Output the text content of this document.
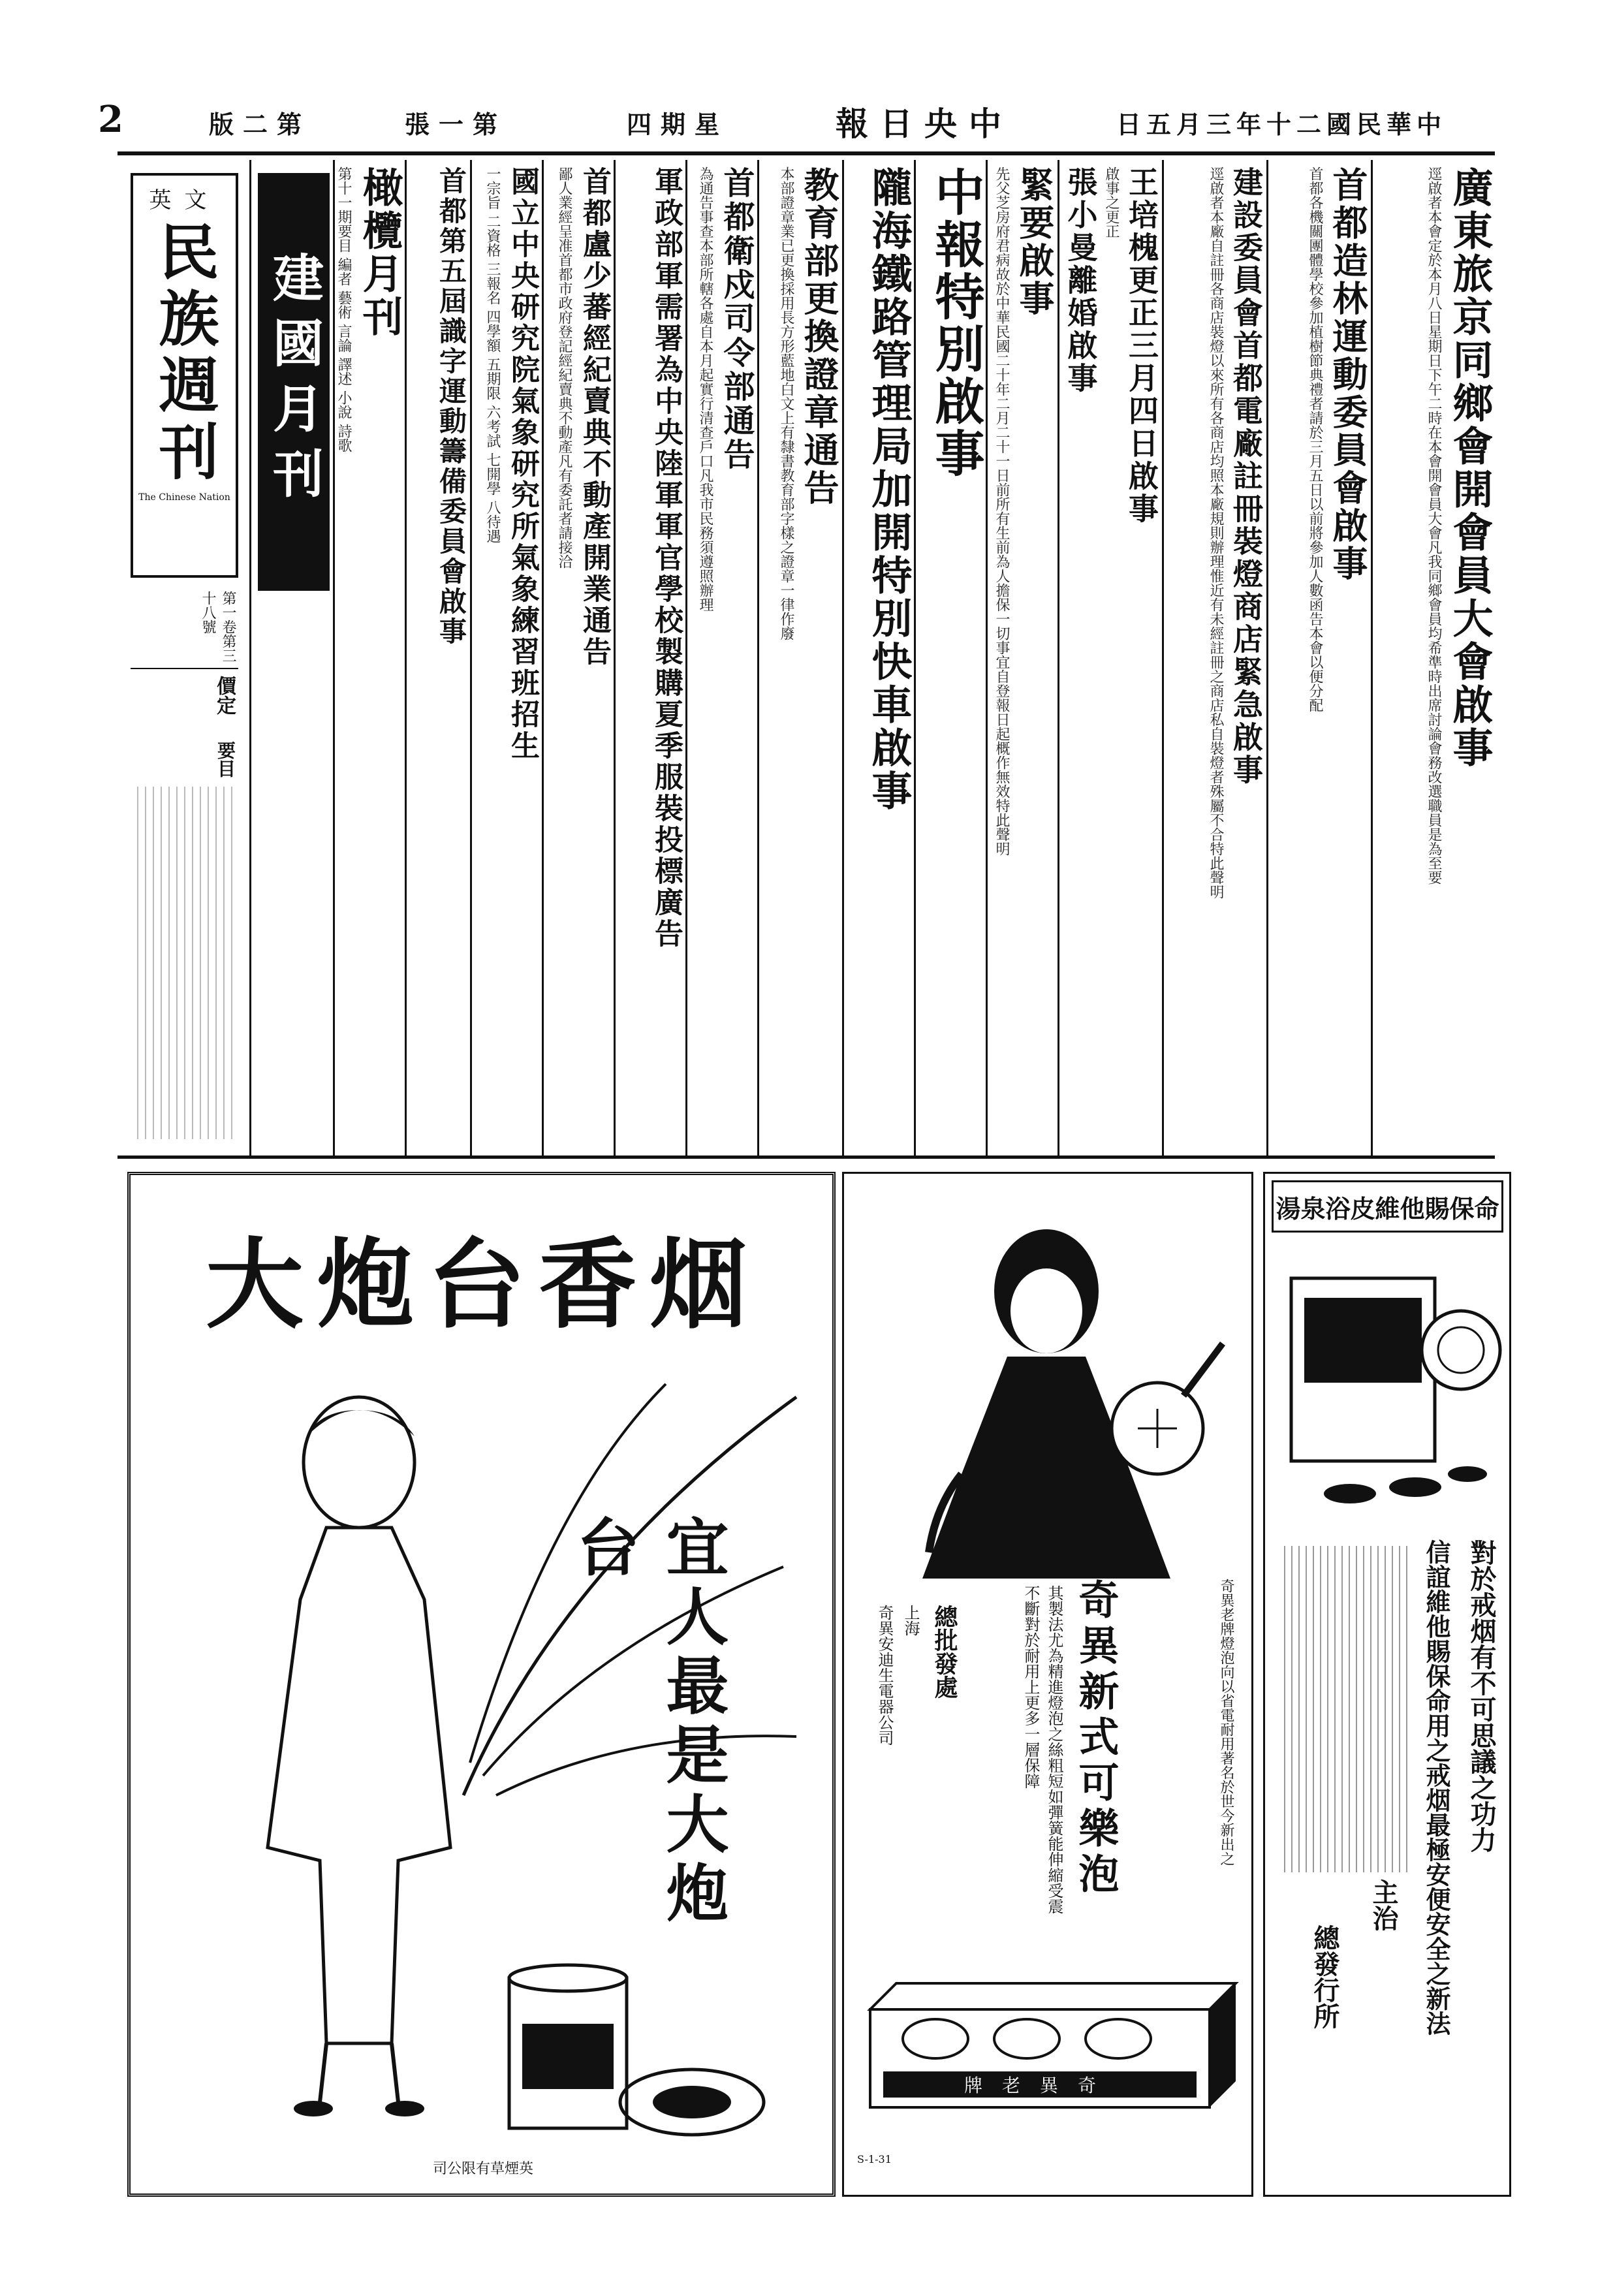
2	版二第	張一第	四期星	報日央中	日五月三年十二國民華中
廣東旅京同鄉會開會員大會啟事
逕啟者本會定於本月八日星期日下午二時在本會開會員大會凡我同鄉會員均希準時出席討論會務改選職員是為至要
首都造林運動委員會啟事
首都各機關團體學校參加植樹節典禮者請於三月五日以前將參加人數函告本會以便分配
建設委員會首都電廠註冊裝燈商店緊急啟事
逕啟者本廠自註冊各商店裝燈以來所有各商店均照本廠規則辦理惟近有未經註冊之商店私自裝燈者殊屬不合特此聲明
王培槐更正三月四日啟事
啟事之更正
張小曼離婚啟事
緊要啟事
先父芝房府君病故於中華民國二十年二月二十一日前所有生前為人擔保一切事宜自登報日起概作無效特此聲明
中報特別啟事
隴海鐵路管理局加開特別快車啟事
教育部更換證章通告
本部證章業已更換採用長方形藍地白文上有隸書教育部字樣之證章一律作廢
首都衛戍司令部通告
為通告事查本部所轄各處自本月起實行清查戶口凡我市民務須遵照辦理
軍政部軍需署為中央陸軍軍官學校製購夏季服裝投標廣告
首都盧少蕃經紀賣典不動產開業通告
鄙人業經呈准首都市政府登記經紀賣典不動產凡有委託者請接洽
國立中央研究院氣象研究所氣象練習班招生
一宗旨 二資格 三報名 四學額 五期限 六考試 七開學 八待遇
首都第五屆識字運動籌備委員會啟事
橄欖月刊
第十一期要目 編者 藝術 言論 譯述 小說 詩歌
建國月刊
英文
民族週刊
The Chinese Nation
第一卷第三十八號
價定
要目
大炮台香烟
宜人最是大炮台
司公限有草煙英
奇異老牌燈泡向以省電耐用著名於世今新出之
奇異新式可樂泡
其製法尤為精進燈泡之絲粗短如彈簧能伸縮受震不斷對於耐用上更多一層保障
總批發處
上海
奇異安迪生電器公司
牌老異奇
S-1-31
湯泉浴皮維他賜保命
對於戒烟有不可思議之功力
信誼維他賜保命用之戒烟最極安便安全之新法
主治
總發行所
